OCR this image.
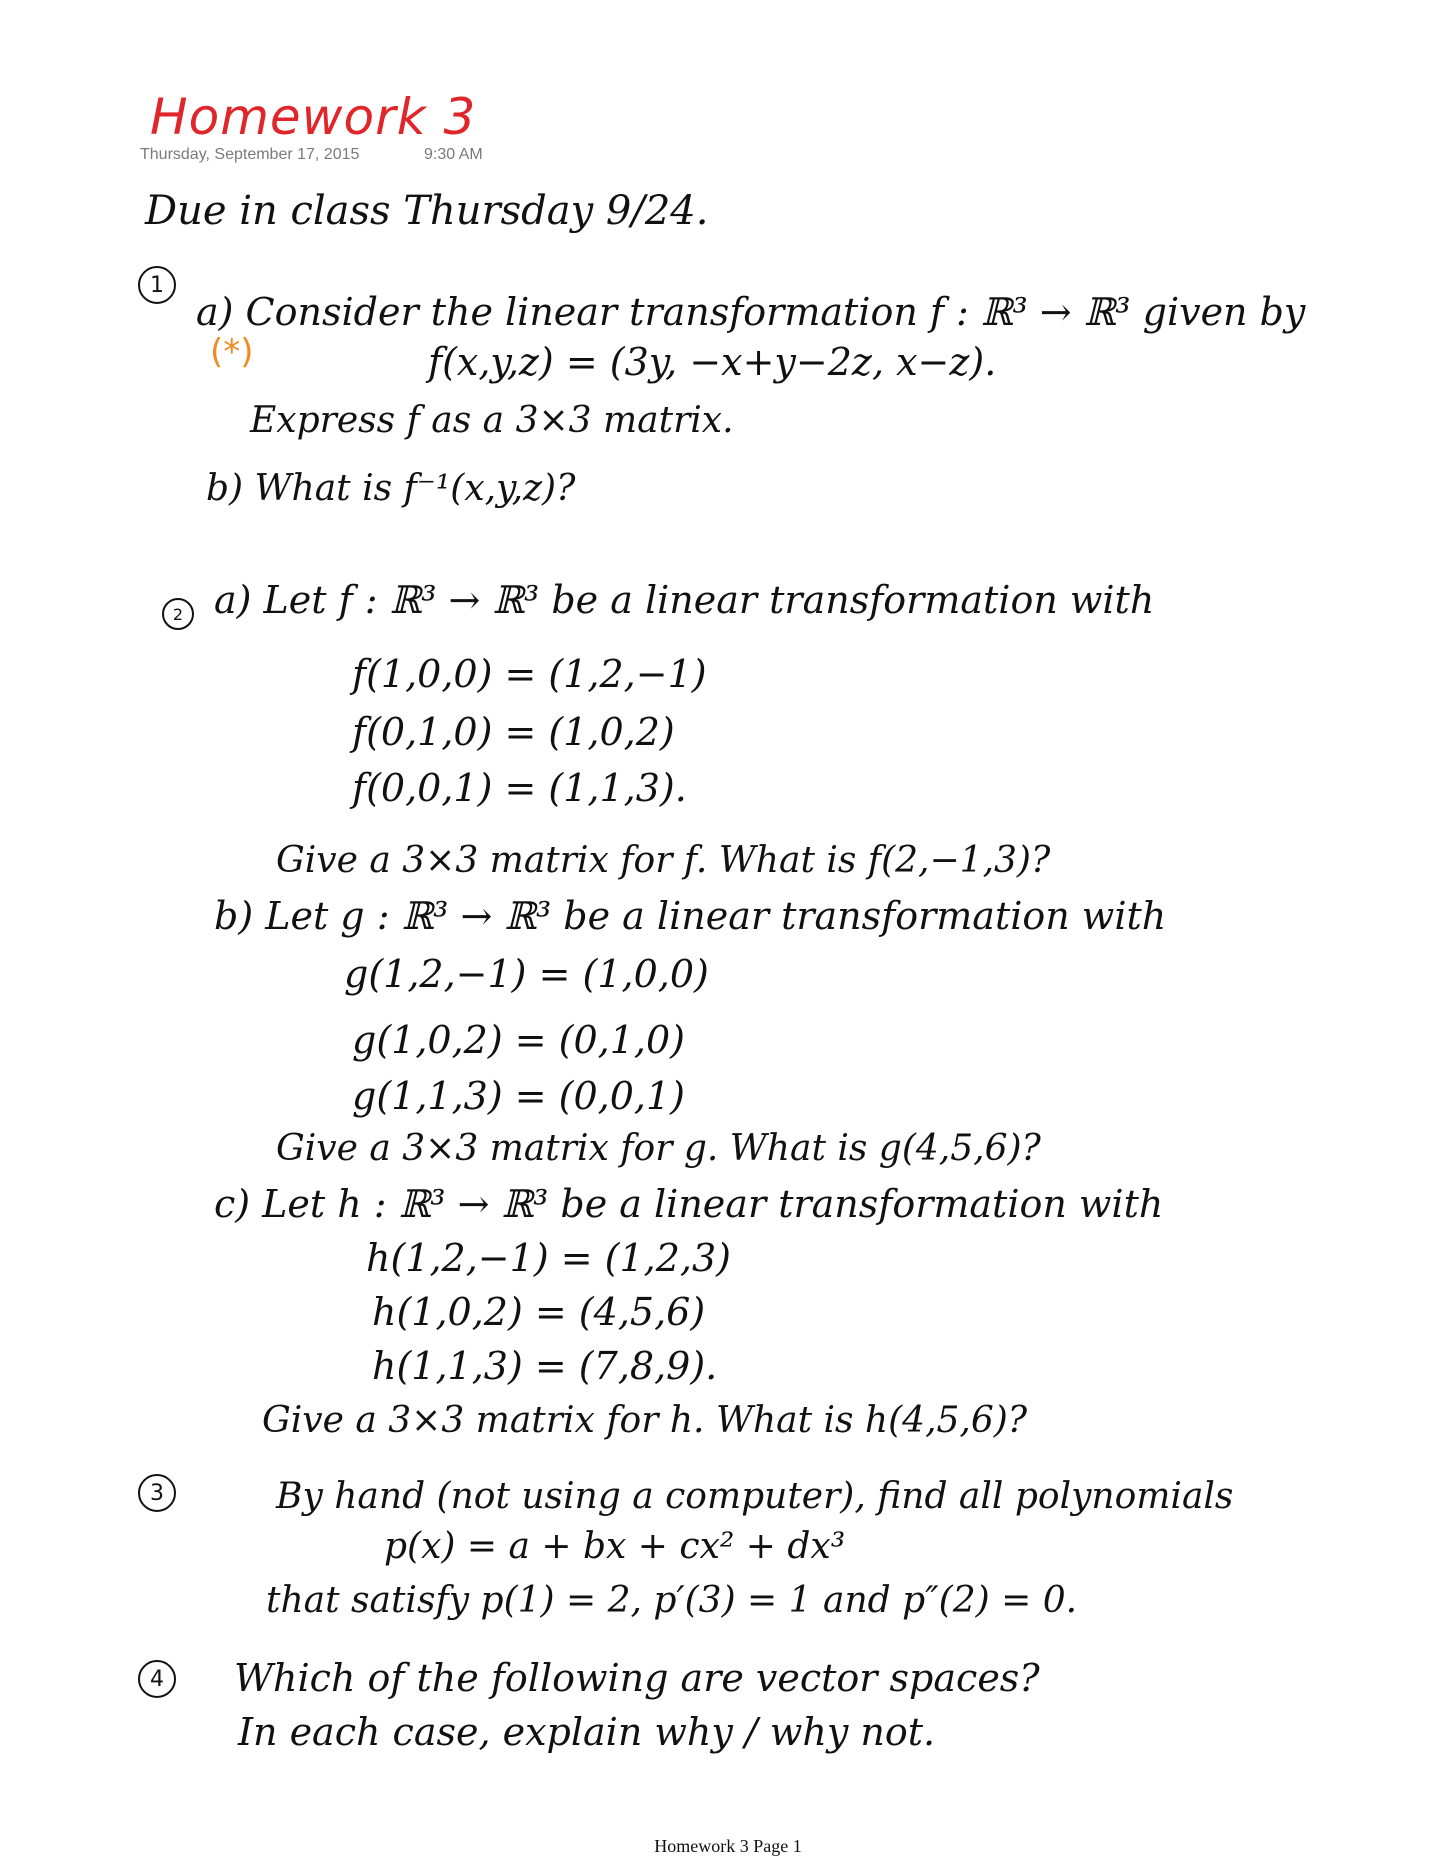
Homework 3
Thursday, September 17, 2015	9:30 AM
Due in class Thursday 9/24.
1
a) Consider the linear transformation f : ℝ³ → ℝ³ given by
(*)	f(x,y,z) = (3y, −x+y−2z, x−z).
Express f as a 3×3 matrix.
b) What is f⁻¹(x,y,z)?
2 a) Let f : ℝ³ → ℝ³ be a linear transformation with
f(1,0,0) = (1,2,−1)
f(0,1,0) = (1,0,2)
f(0,0,1) = (1,1,3).
Give a 3×3 matrix for f. What is f(2,−1,3)?
b) Let g : ℝ³ → ℝ³ be a linear transformation with
g(1,2,−1) = (1,0,0)
g(1,0,2) = (0,1,0)
g(1,1,3) = (0,0,1)
Give a 3×3 matrix for g. What is g(4,5,6)?
c) Let h : ℝ³ → ℝ³ be a linear transformation with
h(1,2,−1) = (1,2,3)
h(1,0,2) = (4,5,6)
h(1,1,3) = (7,8,9).
Give a 3×3 matrix for h. What is h(4,5,6)?
3	By hand (not using a computer), find all polynomials
p(x) = a + bx + cx² + dx³
that satisfy p(1) = 2, p′(3) = 1 and p″(2) = 0.
4	Which of the following are vector spaces?
In each case, explain why / why not.
Homework 3 Page 1
